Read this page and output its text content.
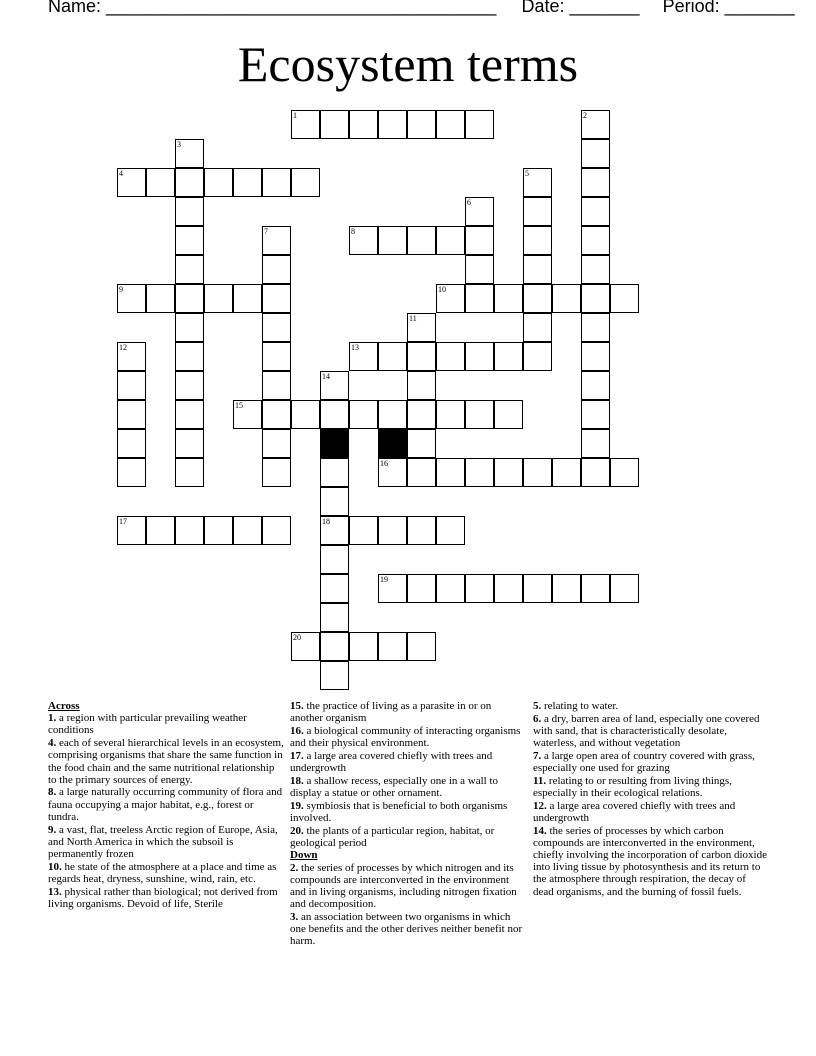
Name: _______________________________________ Date: _______ Period: _______
Ecosystem terms
1	2
3
4	5
6
7	8
9	10
11
12	13
14
18
15
16
17
19
20
Across
1. a region with particular prevailing weather conditions
4. each of several hierarchical levels in an ecosystem, comprising organisms that share the same function in the food chain and the same nutritional relationship to the primary sources of energy.
8. a large naturally occurring community of flora and fauna occupying a major habitat, e.g., forest or tundra.
9. a vast, flat, treeless Arctic region of Europe, Asia, and North America in which the subsoil is permanently frozen
10. he state of the atmosphere at a place and time as regards heat, dryness, sunshine, wind, rain, etc.
13. physical rather than biological; not derived from living organisms. Devoid of life, Sterile
15. the practice of living as a parasite in or on another organism
16. a biological community of interacting organisms and their physical environment.
17. a large area covered chiefly with trees and undergrowth
18. a shallow recess, especially one in a wall to display a statue or other ornament.
19. symbiosis that is beneficial to both organisms involved.
20. the plants of a particular region, habitat, or geological period
Down
2. the series of processes by which nitrogen and its compounds are interconverted in the environment and in living organisms, including nitrogen fixation and decomposition.
3. an association between two organisms in which one benefits and the other derives neither benefit nor harm.
5. relating to water.
6. a dry, barren area of land, especially one covered with sand, that is characteristically desolate, waterless, and without vegetation
7. a large open area of country covered with grass, especially one used for grazing
11. relating to or resulting from living things, especially in their ecological relations.
12. a large area covered chiefly with trees and undergrowth
14. the series of processes by which carbon compounds are interconverted in the environment, chiefly involving the incorporation of carbon dioxide into living tissue by photosynthesis and its return to the atmosphere through respiration, the decay of dead organisms, and the burning of fossil fuels.
